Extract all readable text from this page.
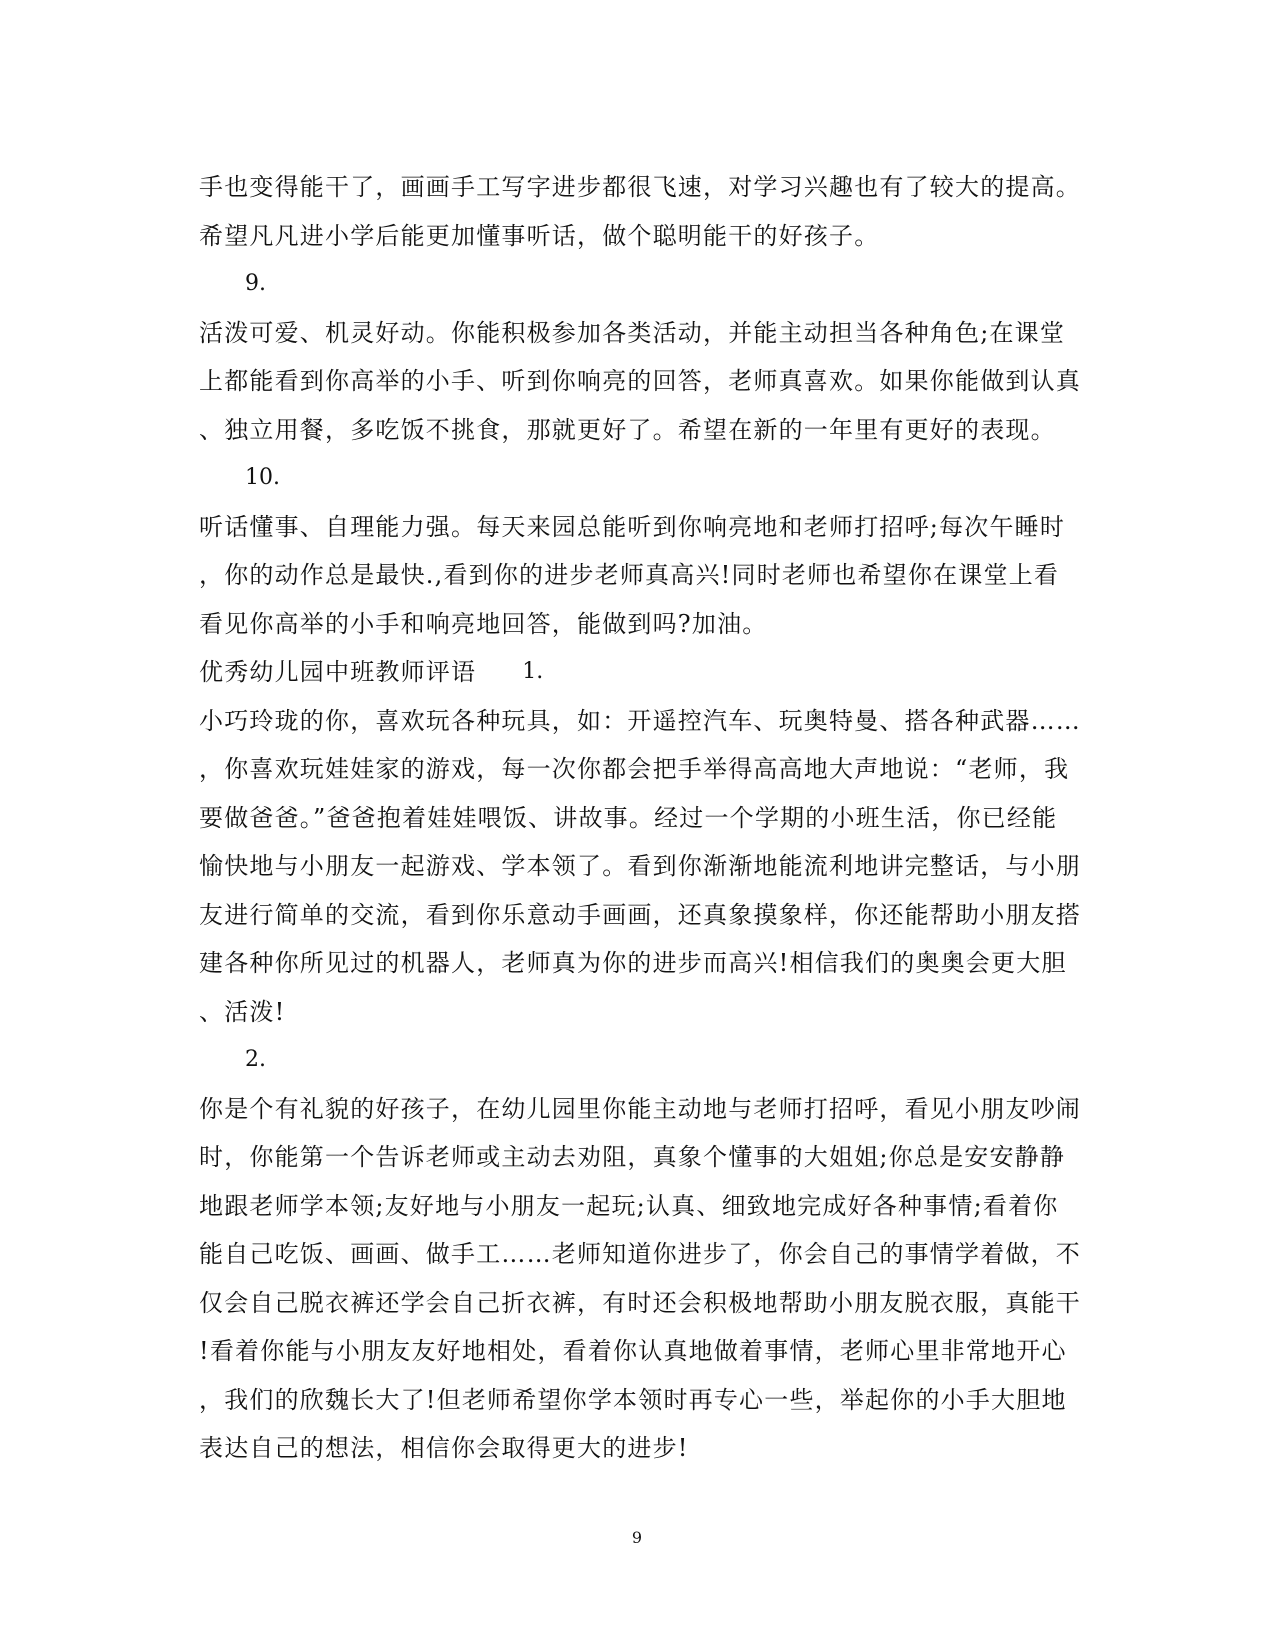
手也变得能干了，画画手工写字进步都很飞速，对学习兴趣也有了较大的提高。
希望凡凡进小学后能更加懂事听话，做个聪明能干的好孩子。
9.
活泼可爱、机灵好动。你能积极参加各类活动，并能主动担当各种角色;在课堂
上都能看到你高举的小手、听到你响亮的回答，老师真喜欢。如果你能做到认真
、独立用餐，多吃饭不挑食，那就更好了。希望在新的一年里有更好的表现。
10.
听话懂事、自理能力强。每天来园总能听到你响亮地和老师打招呼;每次午睡时
，你的动作总是最快.,看到你的进步老师真高兴!同时老师也希望你在课堂上看
看见你高举的小手和响亮地回答，能做到吗?加油。
优秀幼儿园中班教师评语 1.
小巧玲珑的你，喜欢玩各种玩具，如：开遥控汽车、玩奥特曼、搭各种武器……
，你喜欢玩娃娃家的游戏，每一次你都会把手举得高高地大声地说：“老师，我
要做爸爸。”爸爸抱着娃娃喂饭、讲故事。经过一个学期的小班生活，你已经能
愉快地与小朋友一起游戏、学本领了。看到你渐渐地能流利地讲完整话，与小朋
友进行简单的交流，看到你乐意动手画画，还真象摸象样，你还能帮助小朋友搭
建各种你所见过的机器人，老师真为你的进步而高兴!相信我们的奥奥会更大胆
、活泼!
2.
你是个有礼貌的好孩子，在幼儿园里你能主动地与老师打招呼，看见小朋友吵闹
时，你能第一个告诉老师或主动去劝阻，真象个懂事的大姐姐;你总是安安静静
地跟老师学本领;友好地与小朋友一起玩;认真、细致地完成好各种事情;看着你
能自己吃饭、画画、做手工……老师知道你进步了，你会自己的事情学着做，不
仅会自己脱衣裤还学会自己折衣裤，有时还会积极地帮助小朋友脱衣服，真能干
!看着你能与小朋友友好地相处，看着你认真地做着事情，老师心里非常地开心
，我们的欣魏长大了!但老师希望你学本领时再专心一些，举起你的小手大胆地
表达自己的想法，相信你会取得更大的进步!
9
